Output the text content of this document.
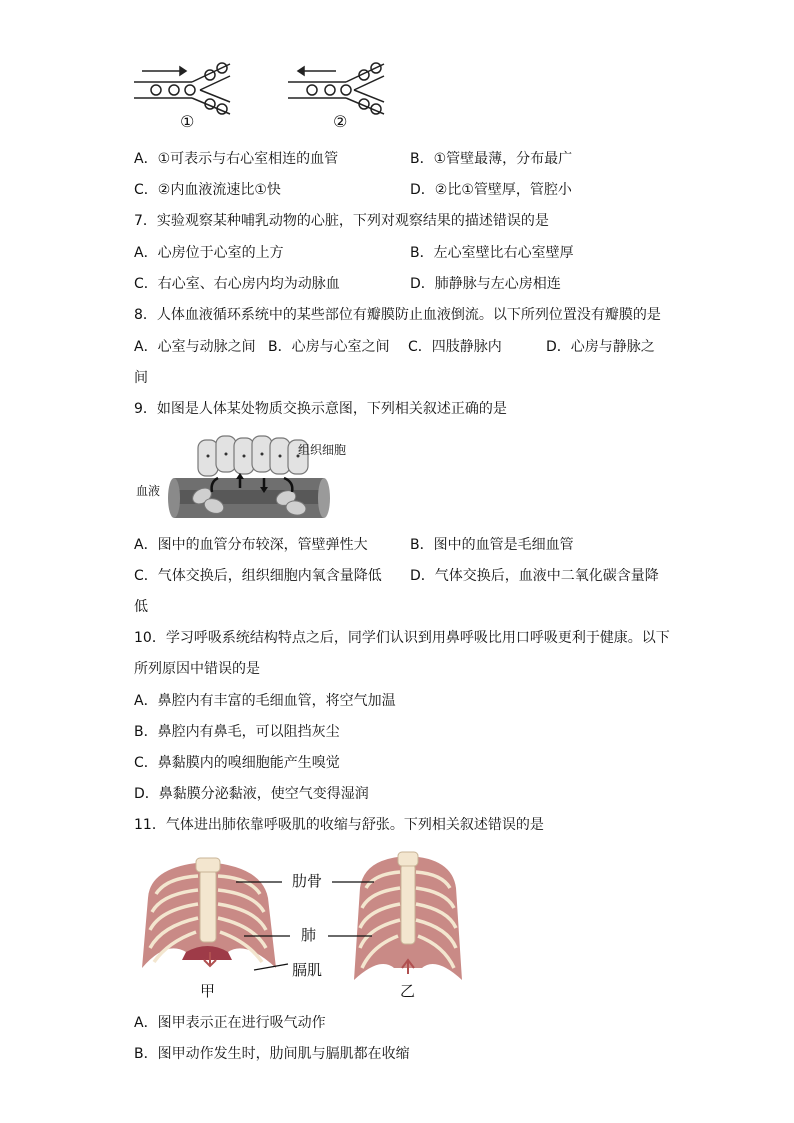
①	②
A．①可表示与右心室相连的血管	B．①管壁最薄，分布最广
C．②内血液流速比①快	D．②比①管壁厚，管腔小
7．实验观察某种哺乳动物的心脏，下列对观察结果的描述错误的是
A．心房位于心室的上方	B．左心室壁比右心室壁厚
C．右心室、右心房内均为动脉血	D．肺静脉与左心房相连
8．人体血液循环系统中的某些部位有瓣膜防止血液倒流。以下所列位置没有瓣膜的是
A．心室与动脉之间 B．心房与心室之间 C．四肢静脉内	D．心房与静脉之
间
9．如图是人体某处物质交换示意图，下列相关叙述正确的是
组织细胞
血液
A．图中的血管分布较深，管壁弹性大	B．图中的血管是毛细血管
C．气体交换后，组织细胞内氧含量降低 D．气体交换后，血液中二氧化碳含量降
低
10．学习呼吸系统结构特点之后，同学们认识到用鼻呼吸比用口呼吸更利于健康。以下
所列原因中错误的是
A．鼻腔内有丰富的毛细血管，将空气加温
B．鼻腔内有鼻毛，可以阻挡灰尘
C．鼻黏膜内的嗅细胞能产生嗅觉
D．鼻黏膜分泌黏液，使空气变得湿润
11．气体进出肺依靠呼吸肌的收缩与舒张。下列相关叙述错误的是
肋骨
肺
膈肌
甲	乙
A．图甲表示正在进行吸气动作
B．图甲动作发生时，肋间肌与膈肌都在收缩
